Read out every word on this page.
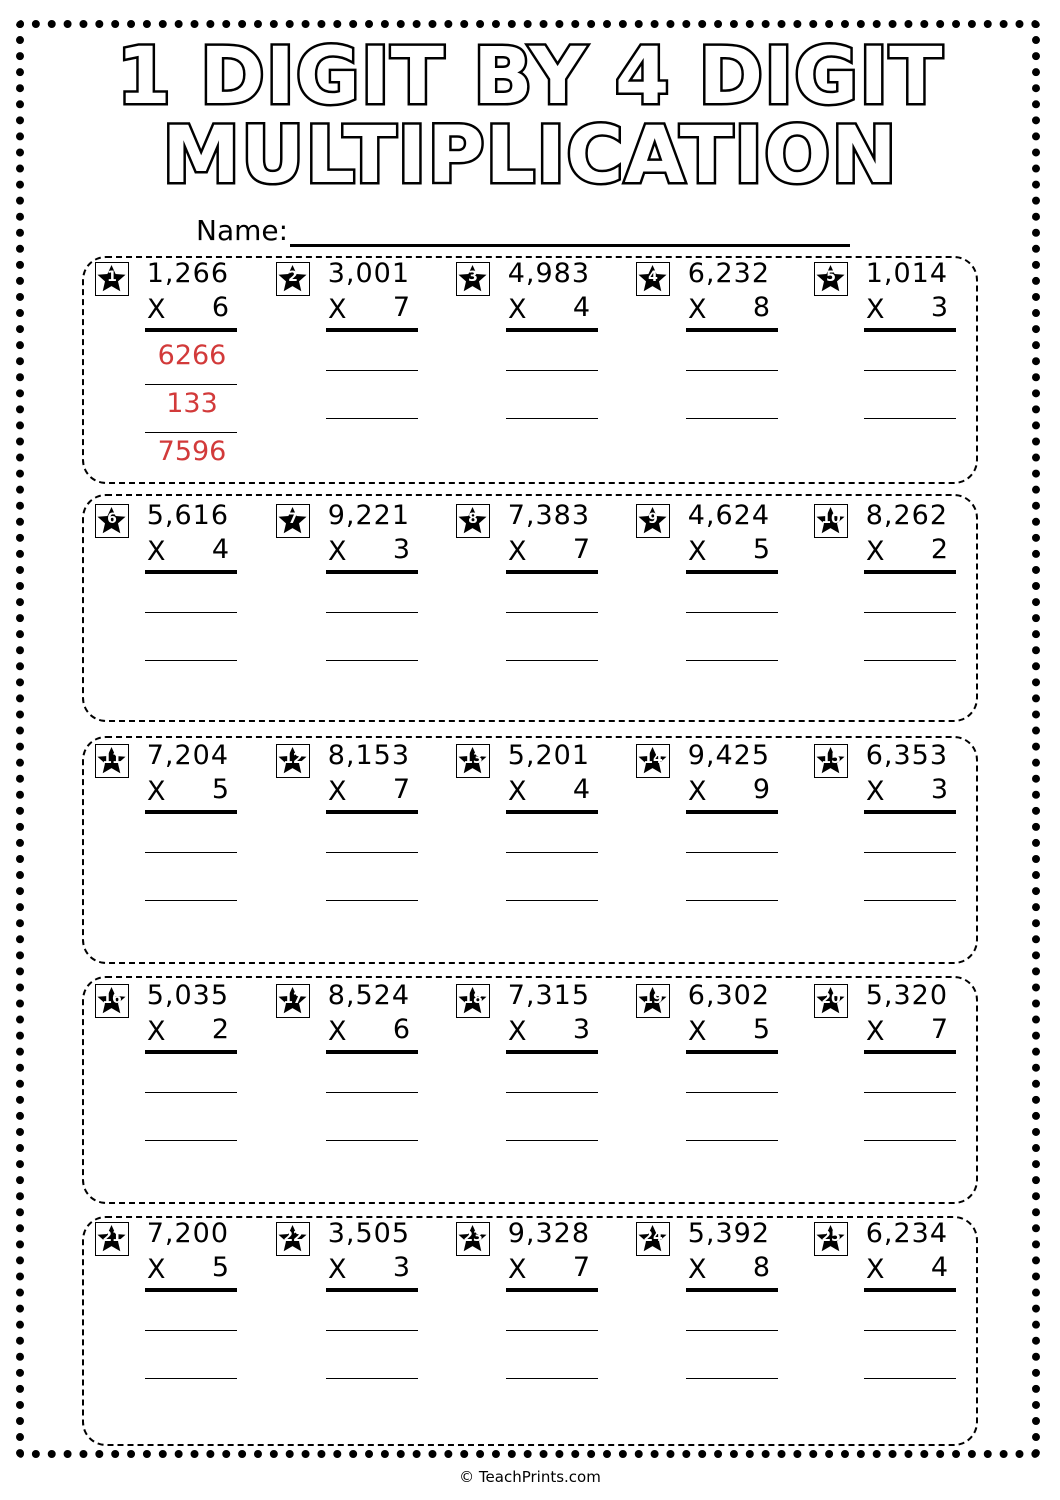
1 DIGIT BY 4 DIGIT
MULTIPLICATION
Name:
1	1,266
X	6
6266
133
7596
2	3,001
X	7
3	4,983
X	4
4	6,232
X	8
5	1,014
X	3
6	5,616
X	4
7	9,221
X	3
8	7,383
X	7
9	4,624
X	5
10 8,262
X	2
11 7,204
X	5
12 8,153
X	7
13 5,201
X	4
14 9,425
X	9
15 6,353
X	3
16 5,035
X	2
17 8,524
X	6
18 7,315
X	3
19 6,302
X	5
20 5,320
X	7
21 7,200
X	5
22 3,505
X	3
23 9,328
X	7
24 5,392
X	8
25 6,234
X	4
© TeachPrints.com
